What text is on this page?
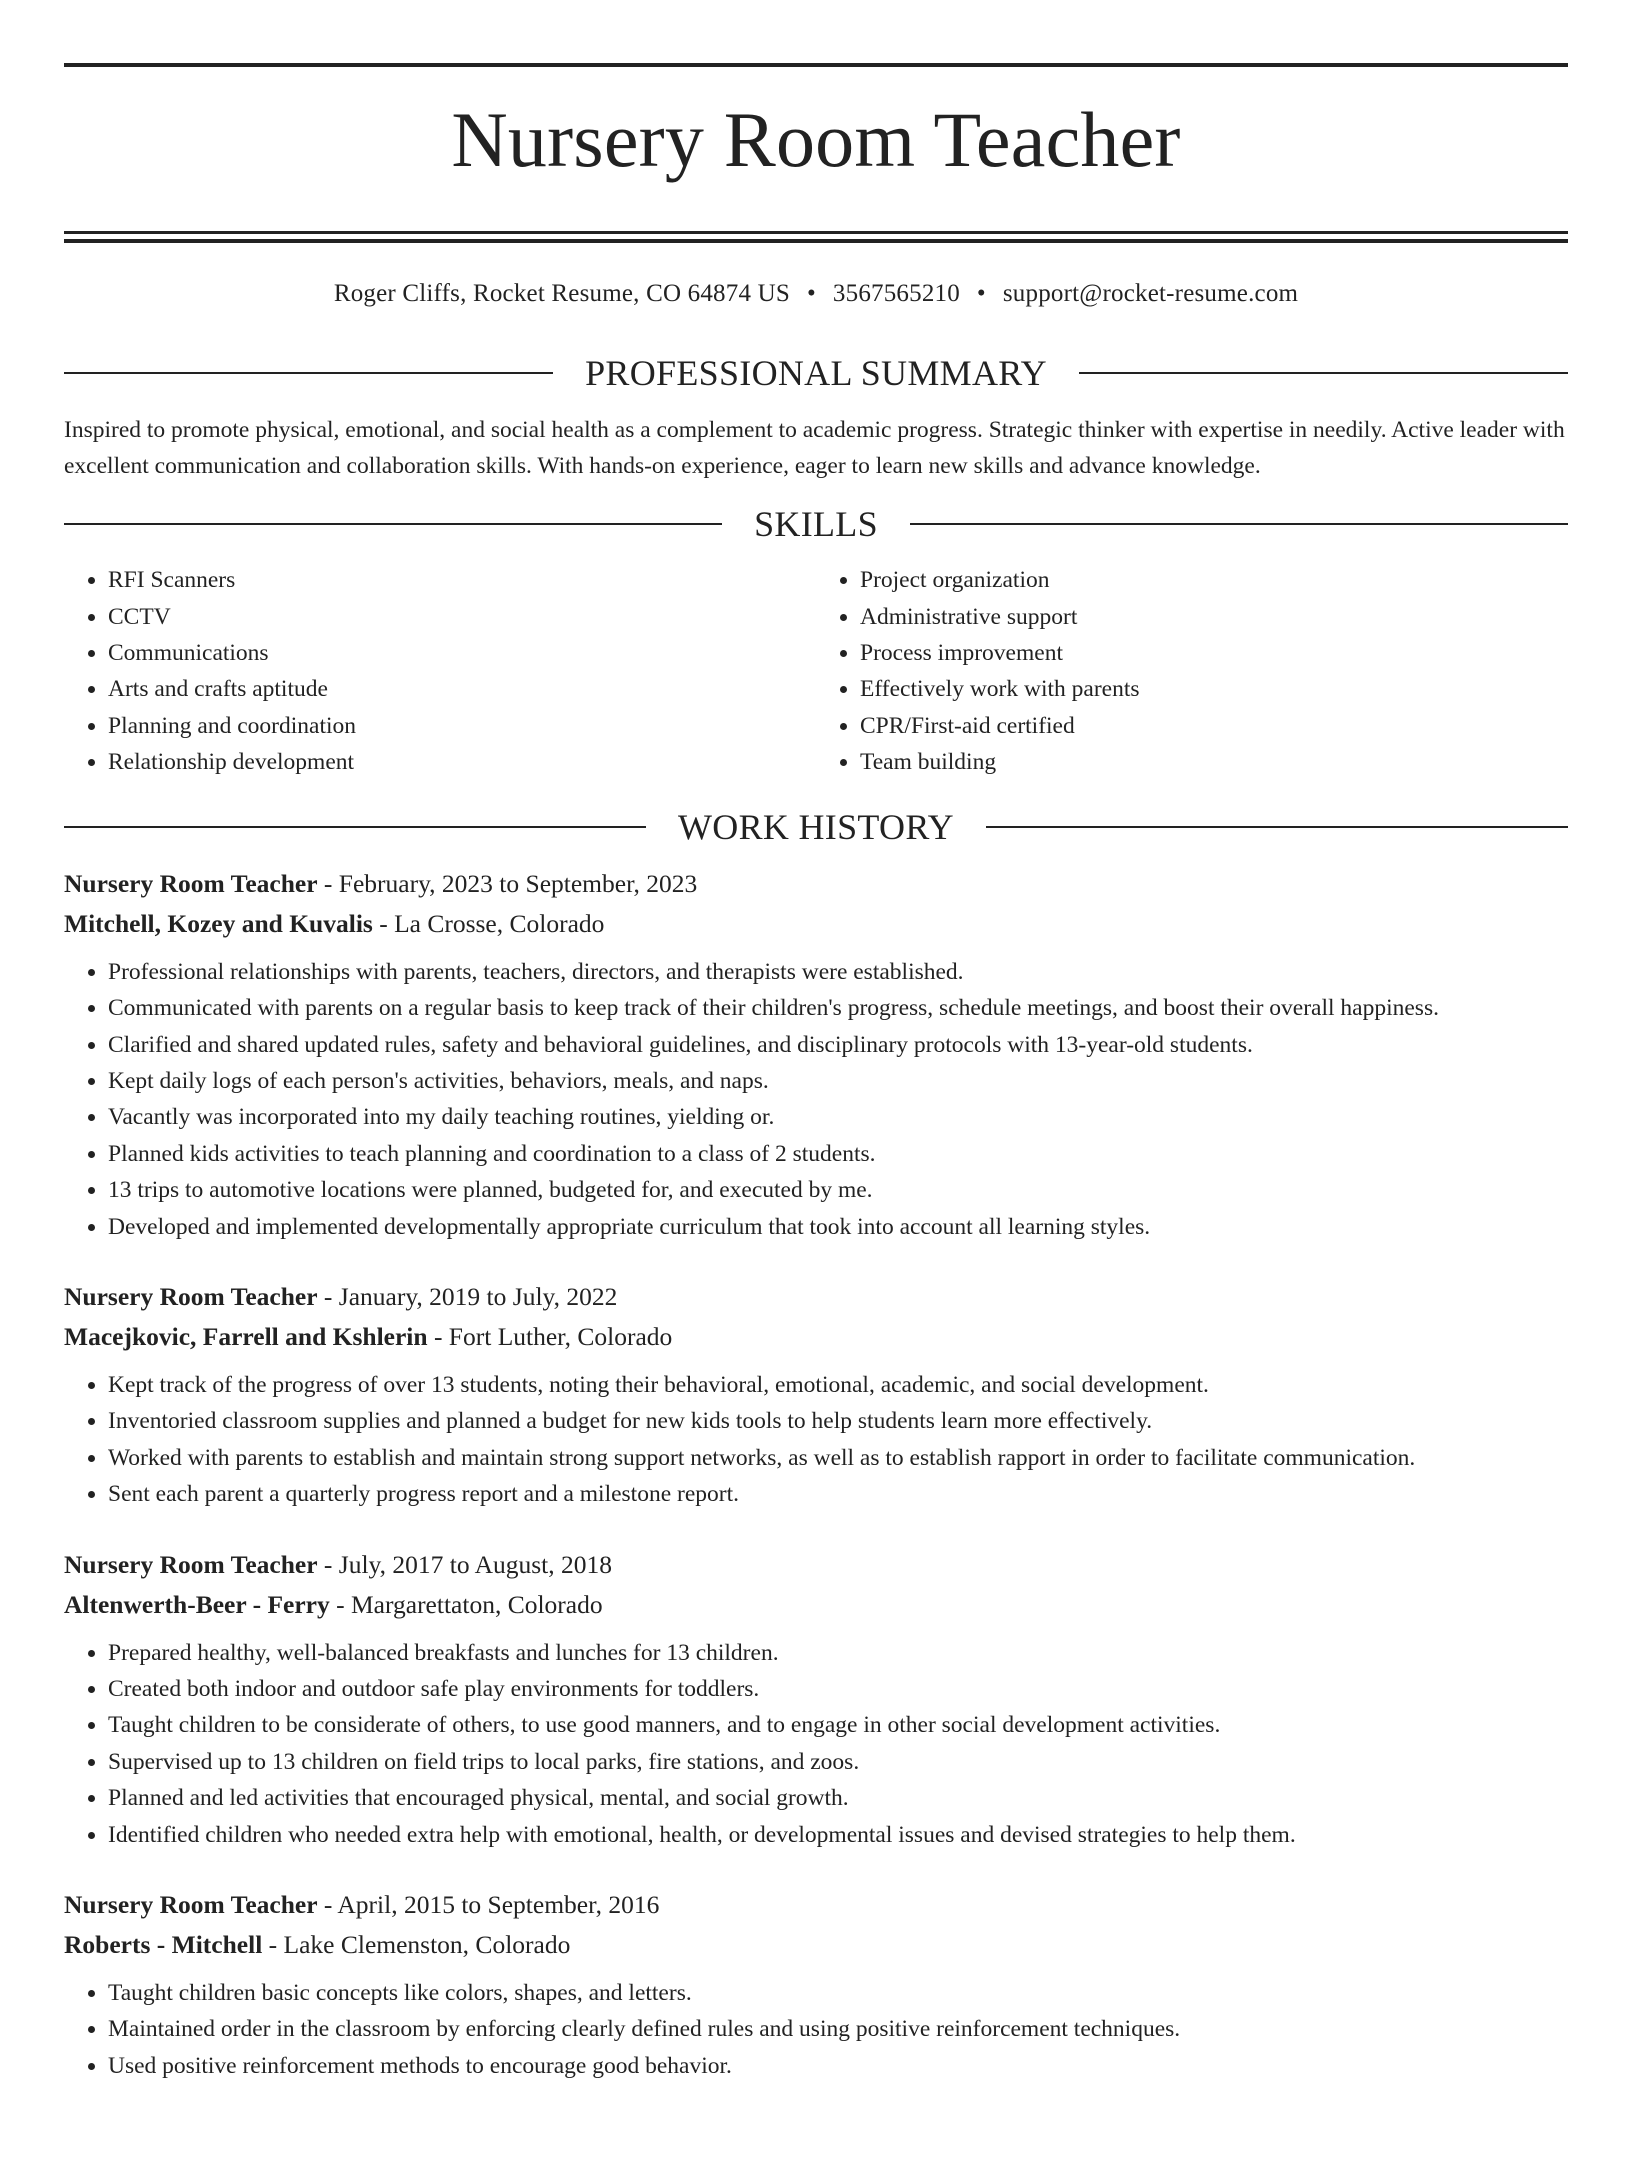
Nursery Room Teacher
Roger Cliffs, Rocket Resume, CO 64874 US • 3567565210 • support@rocket-resume.com
PROFESSIONAL SUMMARY
Inspired to promote physical, emotional, and social health as a complement to academic progress. Strategic thinker with expertise in needily. Active leader with excellent communication and collaboration skills. With hands-on experience, eager to learn new skills and advance knowledge.
SKILLS
• RFI Scanners
• CCTV
• Communications
• Arts and crafts aptitude
• Planning and coordination
• Relationship development
• Project organization
• Administrative support
• Process improvement
• Effectively work with parents
• CPR/First-aid certified
• Team building
WORK HISTORY
Nursery Room Teacher - February, 2023 to September, 2023
Mitchell, Kozey and Kuvalis - La Crosse, Colorado
• Professional relationships with parents, teachers, directors, and therapists were established.
• Communicated with parents on a regular basis to keep track of their children's progress, schedule meetings, and boost their overall happiness.
• Clarified and shared updated rules, safety and behavioral guidelines, and disciplinary protocols with 13-year-old students.
• Kept daily logs of each person's activities, behaviors, meals, and naps.
• Vacantly was incorporated into my daily teaching routines, yielding or.
• Planned kids activities to teach planning and coordination to a class of 2 students.
• 13 trips to automotive locations were planned, budgeted for, and executed by me.
• Developed and implemented developmentally appropriate curriculum that took into account all learning styles.
Nursery Room Teacher - January, 2019 to July, 2022
Macejkovic, Farrell and Kshlerin - Fort Luther, Colorado
• Kept track of the progress of over 13 students, noting their behavioral, emotional, academic, and social development.
• Inventoried classroom supplies and planned a budget for new kids tools to help students learn more effectively.
• Worked with parents to establish and maintain strong support networks, as well as to establish rapport in order to facilitate communication.
• Sent each parent a quarterly progress report and a milestone report.
Nursery Room Teacher - July, 2017 to August, 2018
Altenwerth-Beer - Ferry - Margarettaton, Colorado
• Prepared healthy, well-balanced breakfasts and lunches for 13 children.
• Created both indoor and outdoor safe play environments for toddlers.
• Taught children to be considerate of others, to use good manners, and to engage in other social development activities.
• Supervised up to 13 children on field trips to local parks, fire stations, and zoos.
• Planned and led activities that encouraged physical, mental, and social growth.
• Identified children who needed extra help with emotional, health, or developmental issues and devised strategies to help them.
Nursery Room Teacher - April, 2015 to September, 2016
Roberts - Mitchell - Lake Clemenston, Colorado
• Taught children basic concepts like colors, shapes, and letters.
• Maintained order in the classroom by enforcing clearly defined rules and using positive reinforcement techniques.
• Used positive reinforcement methods to encourage good behavior.
